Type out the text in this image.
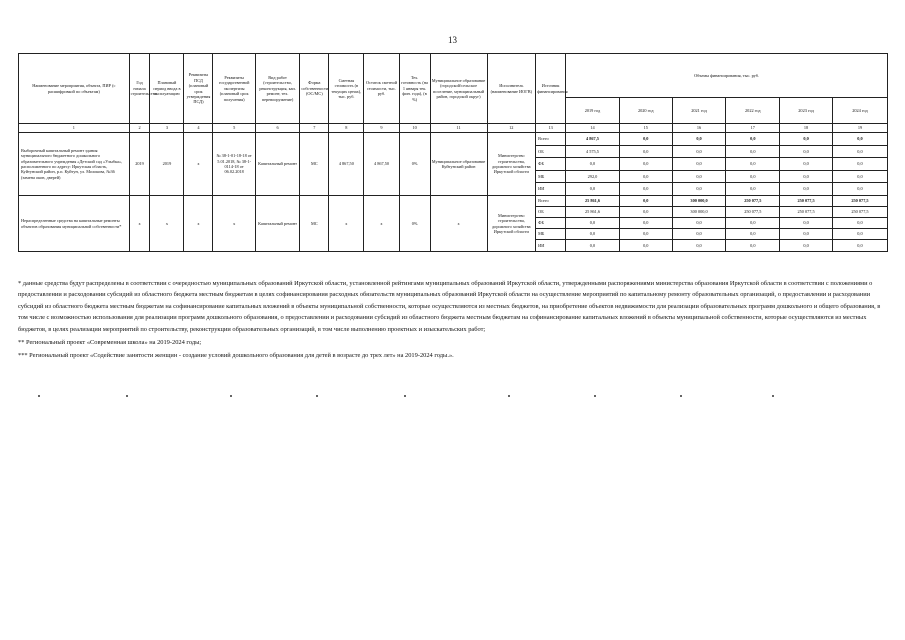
13
Наименование мероприятия, объекта, ПИР (с расшифровкой по объектам)	Год начала строительства	Плановый период ввода в эксплуатацию	Реквизиты ПСД (плановый срок утверждения ПСД)	Реквизиты государственной экспертизы (плановый срок получения)	Вид работ (строительство, реконструкция, кап. ремонт, тех. перевооружение)	Форма собственности (ОС/МС)	Сметная стоимость (в текущих ценах), тыс. руб.	Остаток сметной стоимости, тыс. руб.	Тех. готовность (на 1 января тек. фин. года), (в %)	Муниципальное образование (городской/сельское поселение, муниципальный район, городской округ)	Исполнитель (наименование ИОГВ)	Источник финансирования	Объемы финансирования, тыс. руб.					
													2019 год	2020 год	2021 год	2022 год	2023 год	2024 год
1	2	3	4	5	6	7	8	9	10	11	12	13	14	15	16	17	18	19
Выборочный капитальный ремонт здания муниципального бюджетного дошкольного образовательного учреждения «Детский сад «Улыбка», расположенного по адресу: Иркутская область, Куйтунский район, р.п. Куйтун, ул. Молокова, №36 (замена окон, дверей)	2019	2019	х	№ 38-1-01-18-18 от 5.01.2018, № 38-1-0114-18 от 06.02.2018	Капитальный ремонт	МС	4 867,50	4 867,50	0%	Муниципальное образование Куйтунский район	Министерство строительства, дорожного хозяйства Иркутской области	Всего	4 867,5	0,0	0,0	0,0	0,0	0,0
												ОБ	4 575,5	0,0	0,0	0,0	0,0	0,0
												ФБ	0,0	0,0	0,0	0,0	0,0	0,0
												МБ	292,0	0,0	0,0	0,0	0,0	0,0
												ИИ	0,0	0,0	0,0	0,0	0,0	0,0
Нераспределенные средства на капитальные ремонты объектов образования муниципальной собственности*	х	х	х	х	Капитальный ремонт	МС	х	х	0%	х	Министерство строительства, дорожного хозяйства Иркутской области	Всего	25 861,6	0,0	300 000,0	250 077,5	250 077,5	250 077,5
												ОБ	25 861,6	0,0	300 000,0	250 077,5	250 077,5	250 077,5
												ФБ	0,0	0,0	0,0	0,0	0,0	0,0
												МБ	0,0	0,0	0,0	0,0	0,0	0,0
												ИИ	0,0	0,0	0,0	0,0	0,0	0,0

* данные средства будут распределены в соответствии с очередностью муниципальных образований Иркутской области, установленной рейтингами муниципальных образований Иркутской области, утвержденными распоряжениями министерства образования Иркутской области в соответствии с положениями о предоставлении и расходовании субсидий из областного бюджета местным бюджетам в целях софинансирования расходных обязательств муниципальных образований Иркутской области на осуществление мероприятий по капитальному ремонту образовательных организаций, о предоставлении и расходовании субсидий из областного бюджета местным бюджетам на софинансирование капитальных вложений в объекты муниципальной собственности, которые осуществляются из местных бюджетов, на приобретение объектов недвижимости для реализации образовательных программ дошкольного и общего образования, в том числе с возможностью использования для реализации программ дошкольного образования, о предоставлении и расходовании субсидий из областного бюджета местным бюджетам на софинансирование капитальных вложений в объекты муниципальной собственности, которые осуществляются из местных бюджетов, в целях реализации мероприятий по строительству, реконструкции образовательных организаций, в том числе выполнению проектных и изыскательских работ;

** Региональный проект «Современная школа» на 2019-2024 годы;

*** Региональный проект «Содействие занятости женщин - создание условий дошкольного образования для детей в возрасте до трех лет» на 2019-2024 годы.».
